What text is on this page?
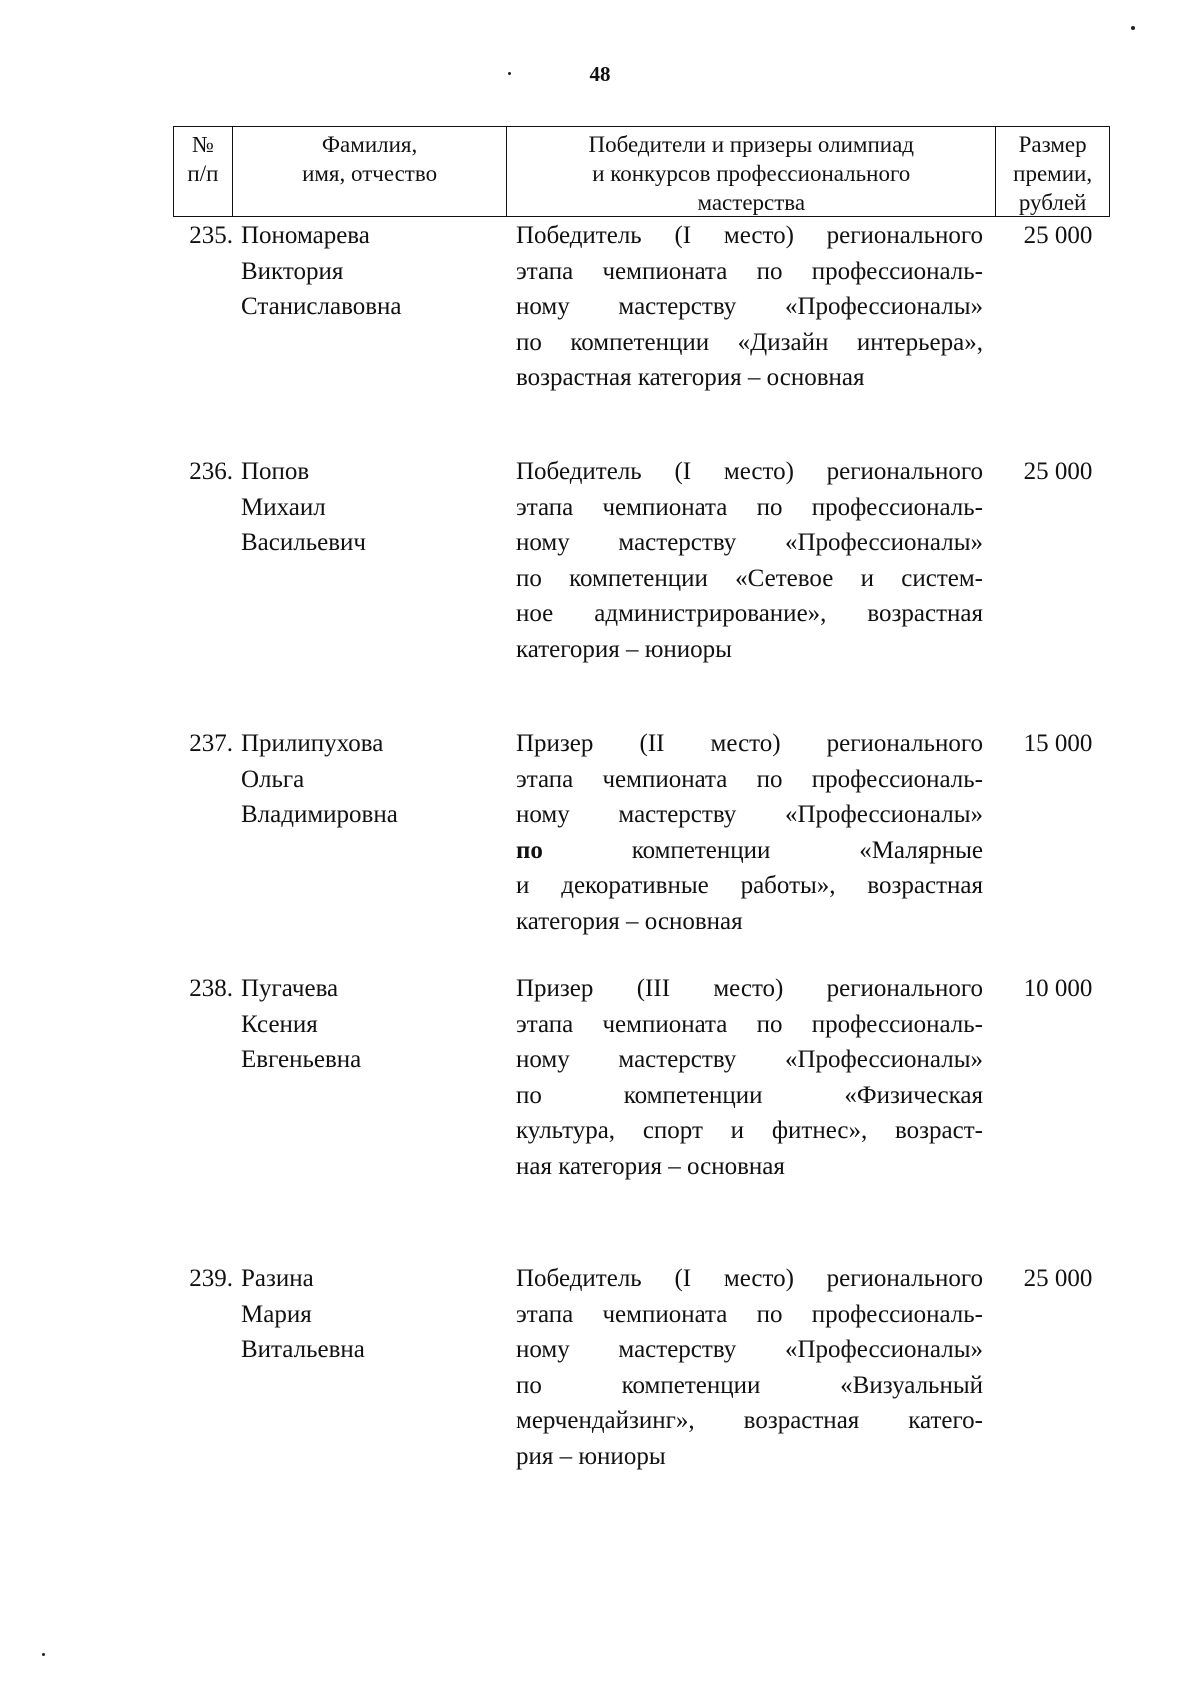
48
№
п/п
Фамилия,
имя, отчество
Победители и призеры олимпиад
и конкурсов профессионального
мастерства
Размер
премии,
рублей
235. Пономарева
Виктория
Станиславовна
Победитель (I место) регионального
этапа чемпионата по профессиональ-
ному мастерству «Профессионалы»
по компетенции «Дизайн интерьера»,
возрастная категория – основная
25 000
236. Попов
Михаил
Васильевич
Победитель (I место) регионального
этапа чемпионата по профессиональ-
ному мастерству «Профессионалы»
по компетенции «Сетевое и систем-
ное администрирование», возрастная
категория – юниоры
25 000
237. Прилипухова
Ольга
Владимировна
Призер (II место) регионального
этапа чемпионата по профессиональ-
ному мастерству «Профессионалы»
по компетенции «Малярные
и декоративные работы», возрастная
категория – основная
15 000
238. Пугачева
Ксения
Евгеньевна
Призер (III место) регионального
этапа чемпионата по профессиональ-
ному мастерству «Профессионалы»
по компетенции «Физическая
культура, спорт и фитнес», возраст-
ная категория – основная
10 000
239. Разина
Мария
Витальевна
Победитель (I место) регионального
этапа чемпионата по профессиональ-
ному мастерству «Профессионалы»
по компетенции «Визуальный
мерчендайзинг», возрастная катего-
рия – юниоры
25 000
